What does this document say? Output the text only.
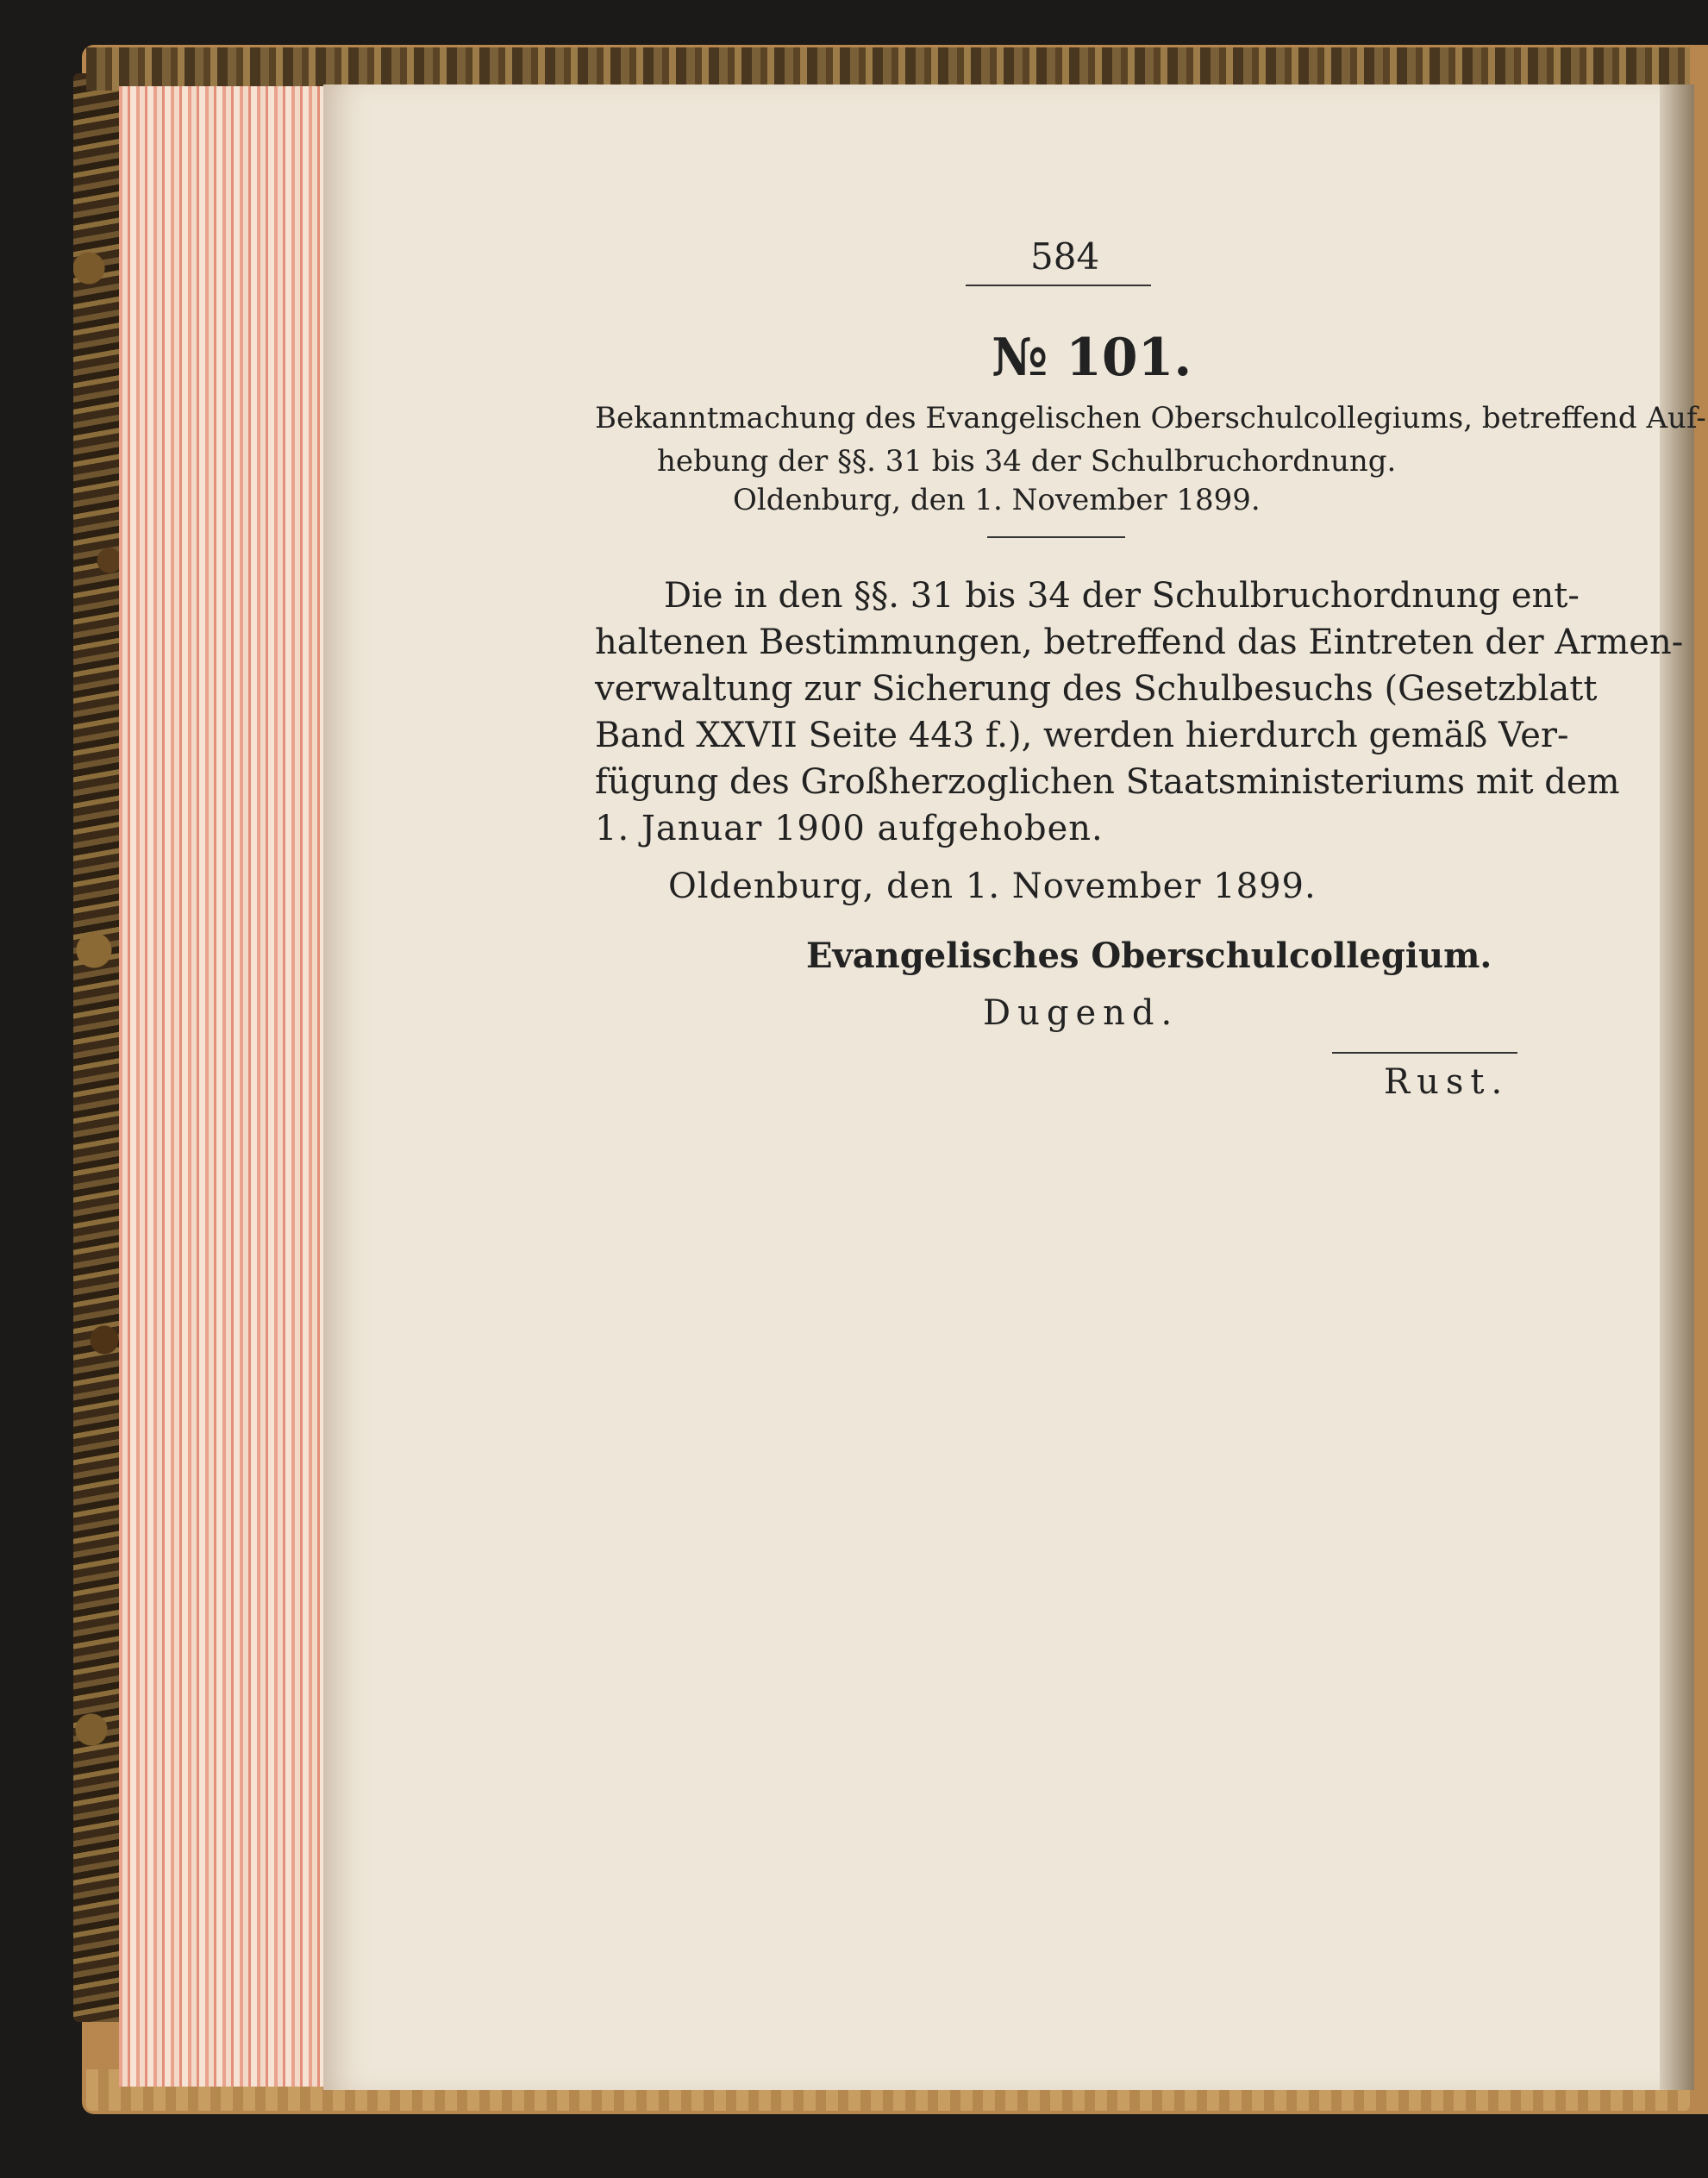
584
№ 101.
Bekanntmachung des Evangelischen Oberschulcollegiums, betreffend Auf-
hebung der §§. 31 bis 34 der Schulbruchordnung.
Oldenburg, den 1. November 1899.
Die in den §§. 31 bis 34 der Schulbruchordnung ent-
haltenen Bestimmungen, betreffend das Eintreten der Armen-
verwaltung zur Sicherung des Schulbesuchs (Gesetzblatt
Band XXVII Seite 443 f.), werden hierdurch gemäß Ver-
fügung des Großherzoglichen Staatsministeriums mit dem
1. Januar 1900 aufgehoben.
Oldenburg, den 1. November 1899.
Evangelisches Oberschulcollegium.
Dugend.
Rust.
